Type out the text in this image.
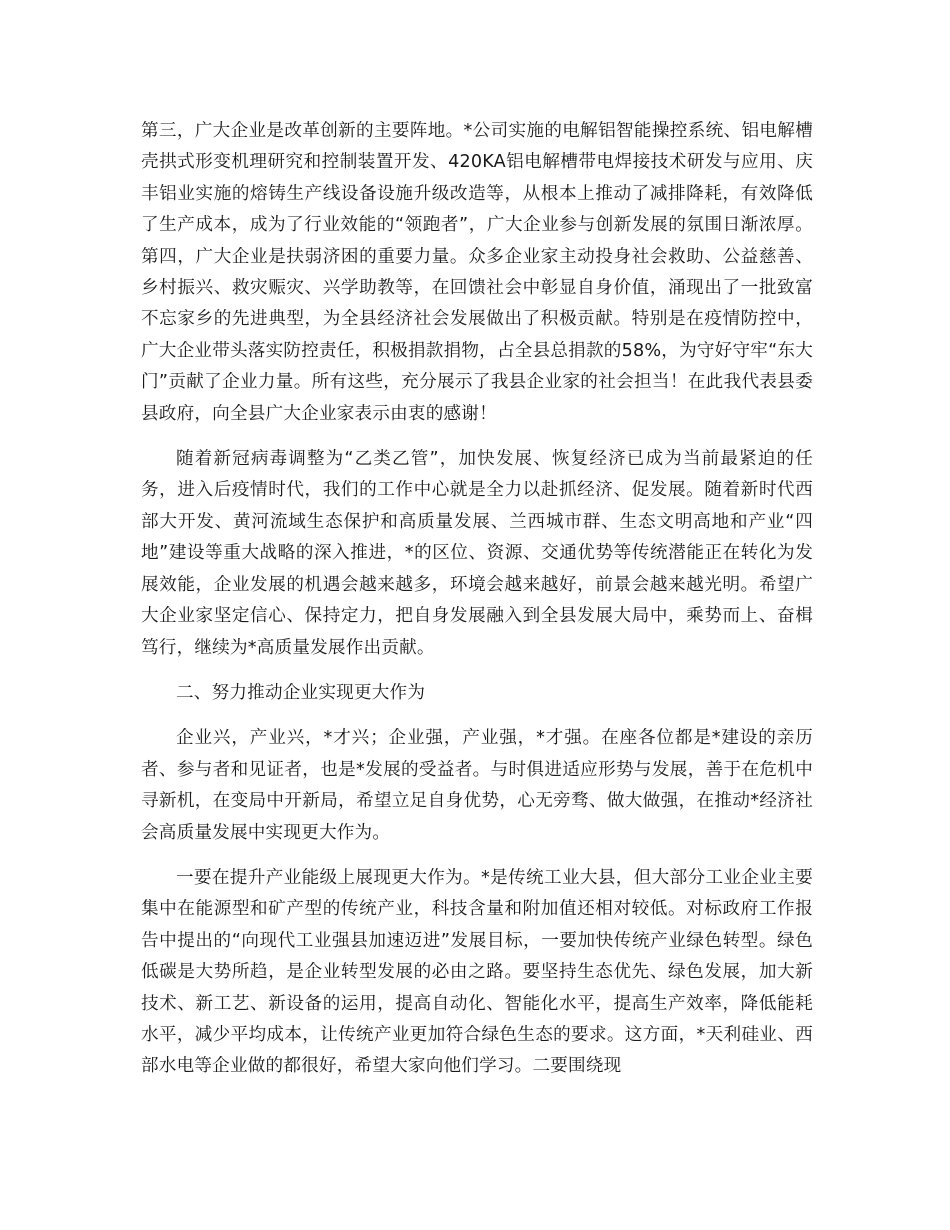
第三，广大企业是改革创新的主要阵地。*公司实施的电解铝智能操控系统、铝电解槽壳拱式形变机理研究和控制装置开发、420KA铝电解槽带电焊接技术研发与应用、庆丰铝业实施的熔铸生产线设备设施升级改造等，从根本上推动了减排降耗，有效降低了生产成本，成为了行业效能的“领跑者”，广大企业参与创新发展的氛围日渐浓厚。第四，广大企业是扶弱济困的重要力量。众多企业家主动投身社会救助、公益慈善、乡村振兴、救灾赈灾、兴学助教等，在回馈社会中彰显自身价值，涌现出了一批致富不忘家乡的先进典型，为全县经济社会发展做出了积极贡献。特别是在疫情防控中，广大企业带头落实防控责任，积极捐款捐物，占全县总捐款的58%，为守好守牢“东大门”贡献了企业力量。所有这些，充分展示了我县企业家的社会担当！在此我代表县委县政府，向全县广大企业家表示由衷的感谢！

随着新冠病毒调整为“乙类乙管”，加快发展、恢复经济已成为当前最紧迫的任务，进入后疫情时代，我们的工作中心就是全力以赴抓经济、促发展。随着新时代西部大开发、黄河流域生态保护和高质量发展、兰西城市群、生态文明高地和产业“四地”建设等重大战略的深入推进，*的区位、资源、交通优势等传统潜能正在转化为发展效能，企业发展的机遇会越来越多，环境会越来越好，前景会越来越光明。希望广大企业家坚定信心、保持定力，把自身发展融入到全县发展大局中，乘势而上、奋楫笃行，继续为*高质量发展作出贡献。

二、努力推动企业实现更大作为

企业兴，产业兴，*才兴；企业强，产业强，*才强。在座各位都是*建设的亲历者、参与者和见证者，也是*发展的受益者。与时俱进适应形势与发展，善于在危机中寻新机，在变局中开新局，希望立足自身优势，心无旁骛、做大做强，在推动*经济社会高质量发展中实现更大作为。

一要在提升产业能级上展现更大作为。*是传统工业大县，但大部分工业企业主要集中在能源型和矿产型的传统产业，科技含量和附加值还相对较低。对标政府工作报告中提出的“向现代工业强县加速迈进”发展目标，一要加快传统产业绿色转型。绿色低碳是大势所趋，是企业转型发展的必由之路。要坚持生态优先、绿色发展，加大新技术、新工艺、新设备的运用，提高自动化、智能化水平，提高生产效率，降低能耗水平，减少平均成本，让传统产业更加符合绿色生态的要求。这方面，*天利硅业、西部水电等企业做的都很好，希望大家向他们学习。二要围绕现
